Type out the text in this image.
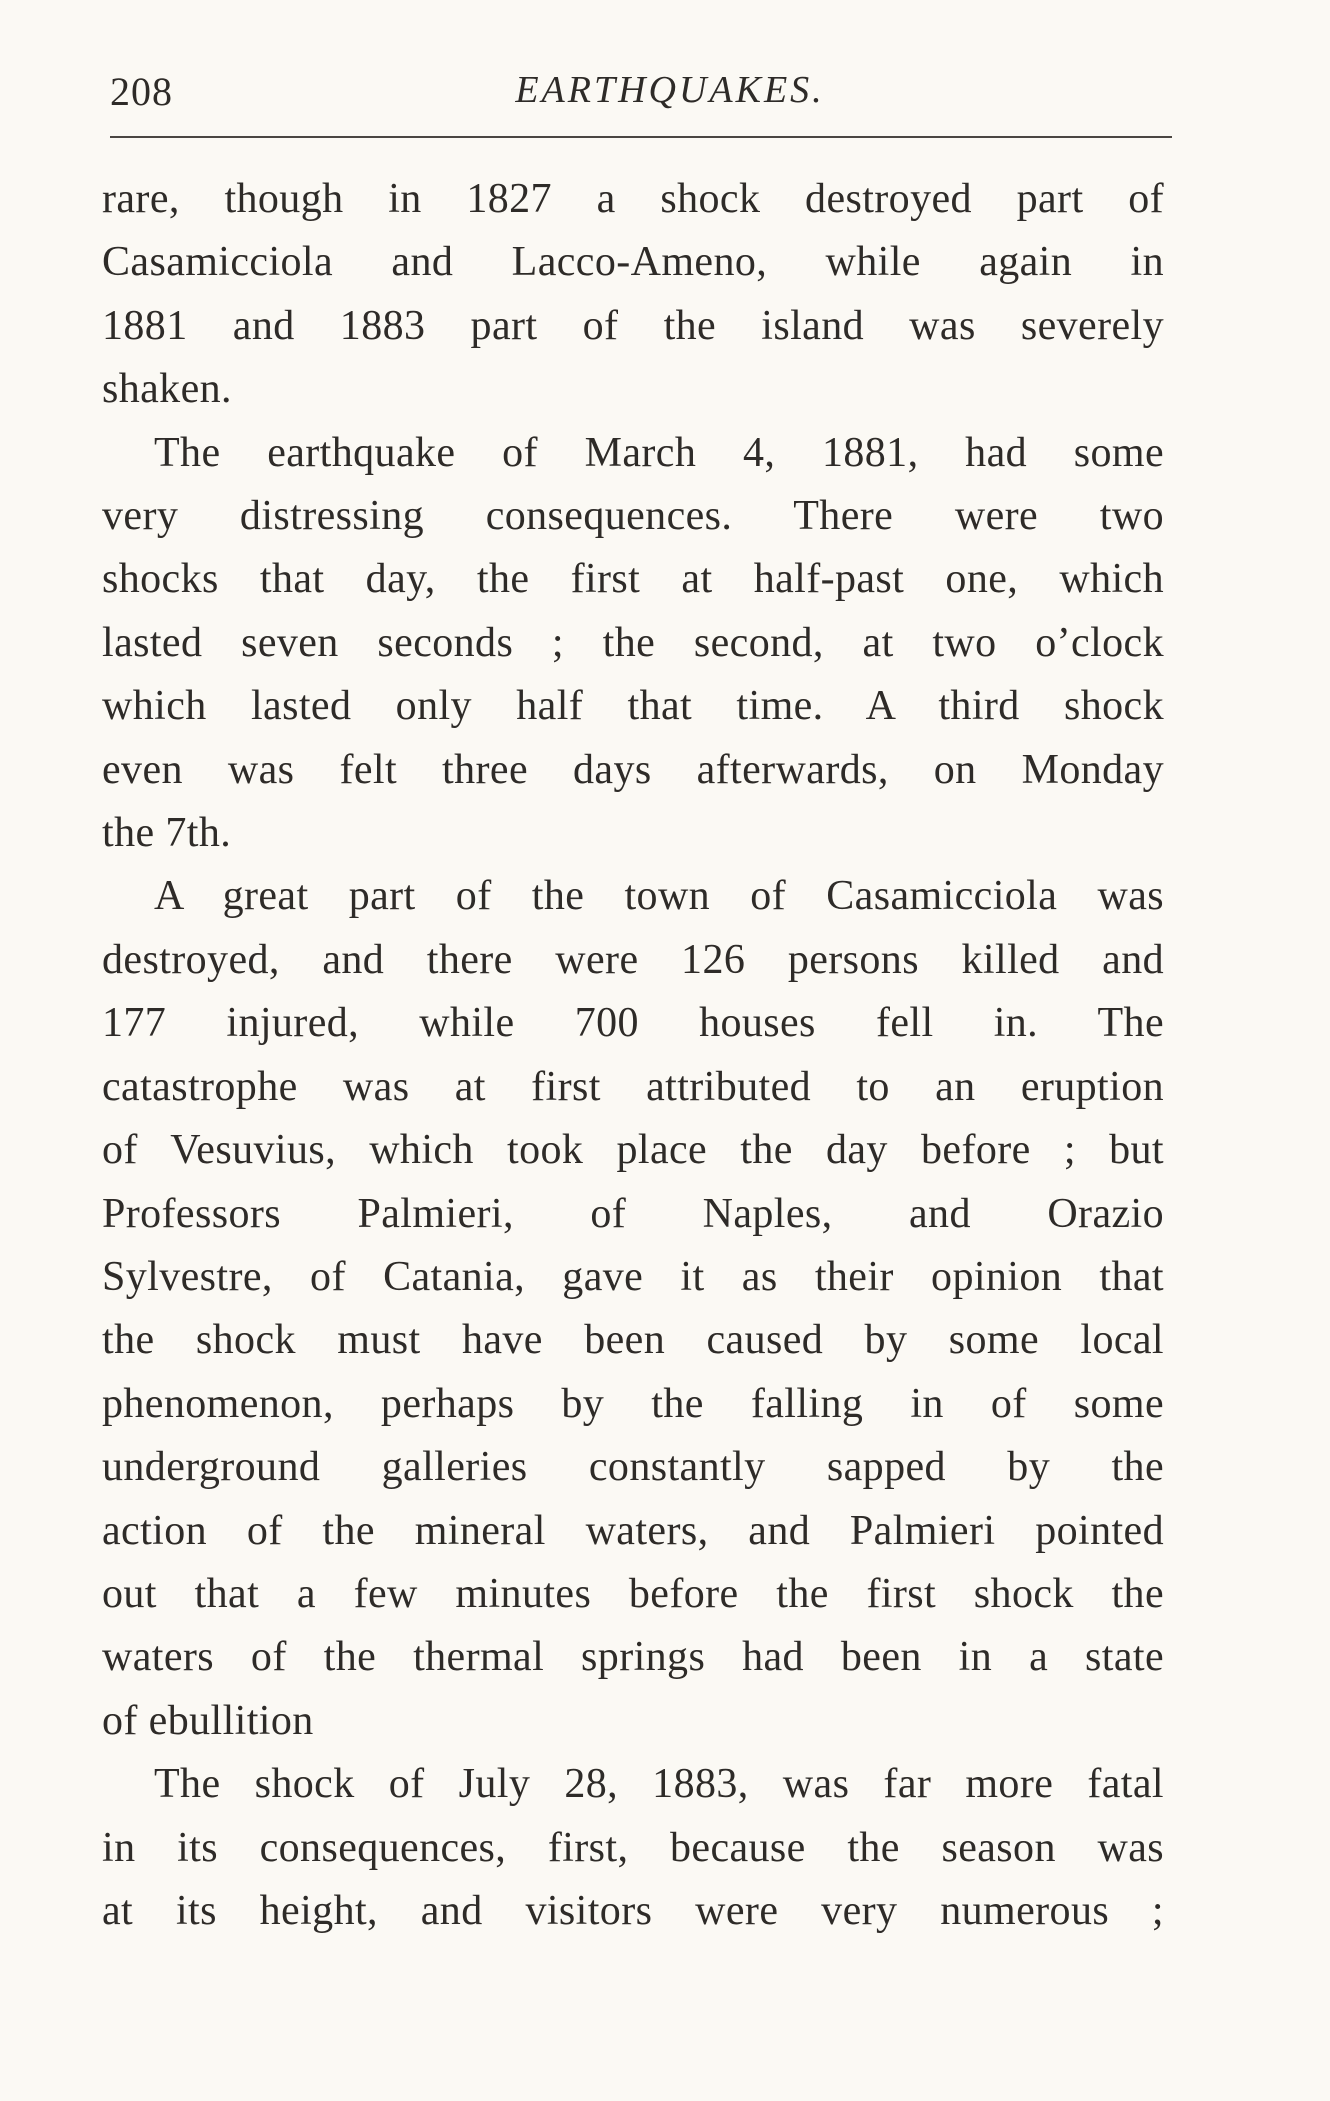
208	EARTHQUAKES.

rare, though in 1827 a shock destroyed part of
Casamicciola and Lacco-Ameno, while again in
1881 and 1883 part of the island was severely
shaken.

The earthquake of March 4, 1881, had some
very distressing consequences. There were two
shocks that day, the first at half-past one, which
lasted seven seconds ; the second, at two o’clock
which lasted only half that time. A third shock
even was felt three days afterwards, on Monday
the 7th.

A great part of the town of Casamicciola was
destroyed, and there were 126 persons killed and
177 injured, while 700 houses fell in. The
catastrophe was at first attributed to an eruption
of Vesuvius, which took place the day before ; but
Professors Palmieri, of Naples, and Orazio
Sylvestre, of Catania, gave it as their opinion that
the shock must have been caused by some local
phenomenon, perhaps by the falling in of some
underground galleries constantly sapped by the
action of the mineral waters, and Palmieri pointed
out that a few minutes before the first shock the
waters of the thermal springs had been in a state
of ebullition

The shock of July 28, 1883, was far more fatal
in its consequences, first, because the season was
at its height, and visitors were very numerous ;
